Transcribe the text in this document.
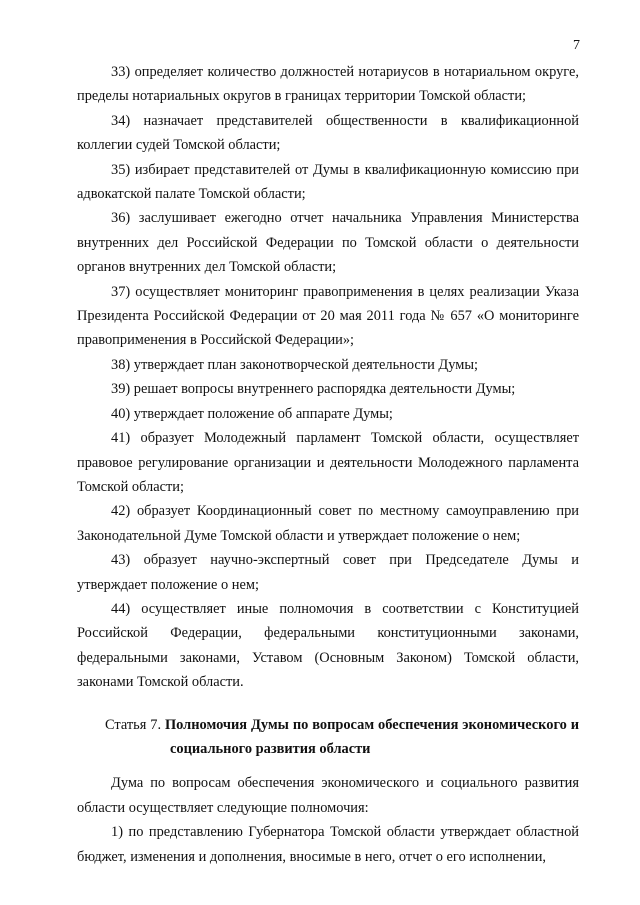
7

33) определяет количество должностей нотариусов в нотариальном округе, пределы нотариальных округов в границах территории Томской области;

34) назначает представителей общественности в квалификационной коллегии судей Томской области;

35) избирает представителей от Думы в квалификационную комиссию при адвокатской палате Томской области;

36) заслушивает ежегодно отчет начальника Управления Министерства внутренних дел Российской Федерации по Томской области о деятельности органов внутренних дел Томской области;

37) осуществляет мониторинг правоприменения в целях реализации Указа Президента Российской Федерации от 20 мая 2011 года № 657 «О мониторинге правоприменения в Российской Федерации»;

38) утверждает план законотворческой деятельности Думы;

39) решает вопросы внутреннего распорядка деятельности Думы;

40) утверждает положение об аппарате Думы;

41) образует Молодежный парламент Томской области, осуществляет правовое регулирование организации и деятельности Молодежного парламента Томской области;

42) образует Координационный совет по местному самоуправлению при Законодательной Думе Томской области и утверждает положение о нем;

43) образует научно-экспертный совет при Председателе Думы и утверждает положение о нем;

44) осуществляет иные полномочия в соответствии с Конституцией Российской Федерации, федеральными конституционными законами, федеральными законами, Уставом (Основным Законом) Томской области, законами Томской области.

Статья 7. Полномочия Думы по вопросам обеспечения экономического и социального развития области

Дума по вопросам обеспечения экономического и социального развития области осуществляет следующие полномочия:

1) по представлению Губернатора Томской области утверждает областной бюджет, изменения и дополнения, вносимые в него, отчет о его исполнении,
